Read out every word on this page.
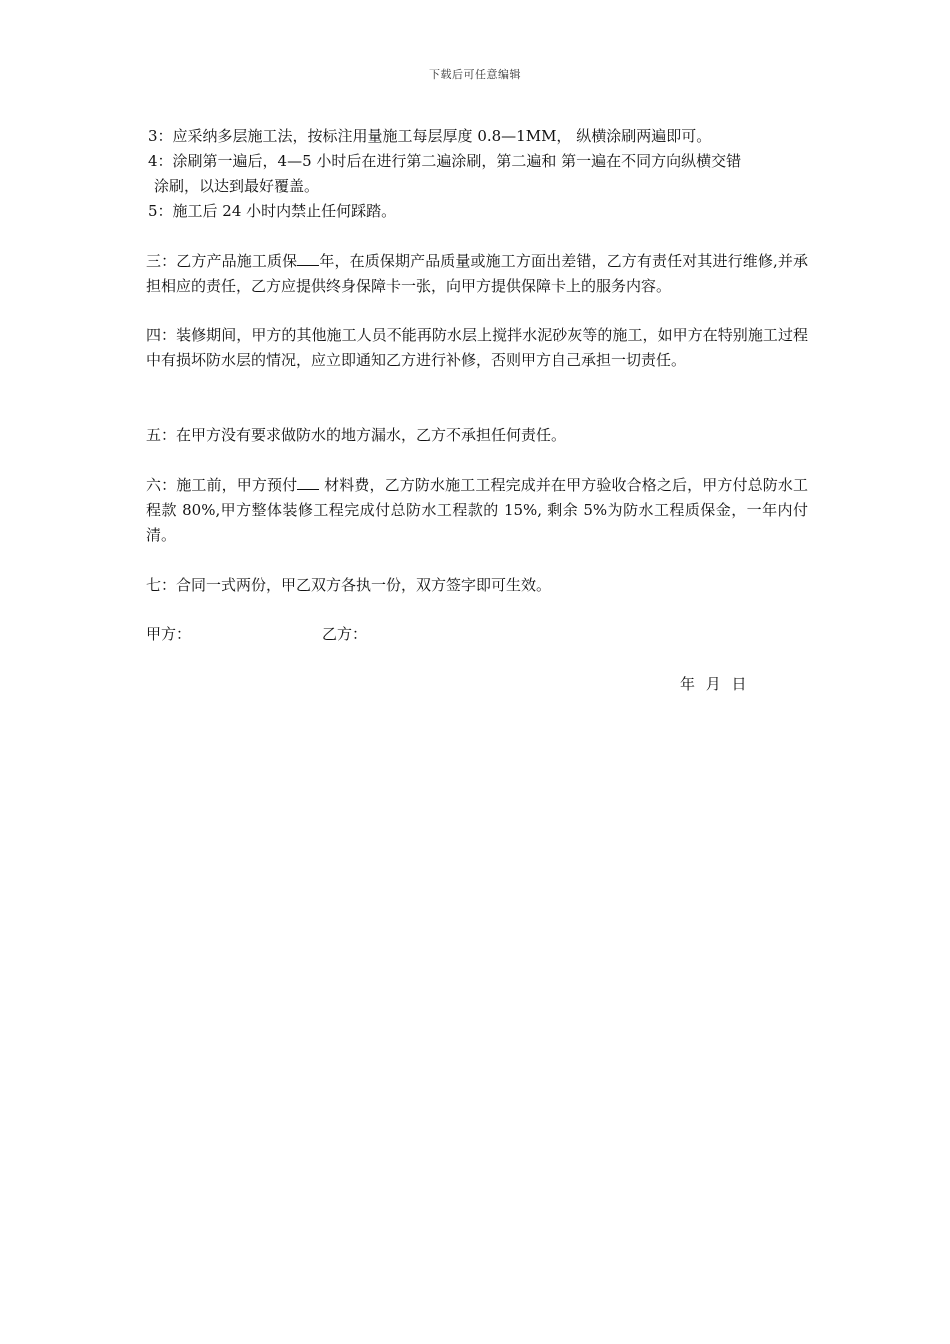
下载后可任意编辑
3：应采纳多层施工法，按标注用量施工每层厚度 0.8—1MM， 纵横涂刷两遍即可。
4：涂刷第一遍后，4—5 小时后在进行第二遍涂刷，第二遍和 第一遍在不同方向纵横交错
涂刷，以达到最好覆盖。
5：施工后 24 小时内禁止任何踩踏。

三：乙方产品施工质保 年，在质保期产品质量或施工方面出差错，乙方有责任对其进行维修,并承担相应的责任，乙方应提供终身保障卡一张，向甲方提供保障卡上的服务内容。

四：装修期间，甲方的其他施工人员不能再防水层上搅拌水泥砂灰等的施工，如甲方在特别施工过程中有损坏防水层的情况，应立即通知乙方进行补修，否则甲方自己承担一切责任。

五：在甲方没有要求做防水的地方漏水，乙方不承担任何责任。

六：施工前，甲方预付 材料费，乙方防水施工工程完成并在甲方验收合格之后，甲方付总防水工程款 80%,甲方整体装修工程完成付总防水工程款的 15%, 剩余 5%为防水工程质保金，一年内付清。

七：合同一式两份，甲乙双方各执一份，双方签字即可生效。

甲方：	乙方：
年 月 日
